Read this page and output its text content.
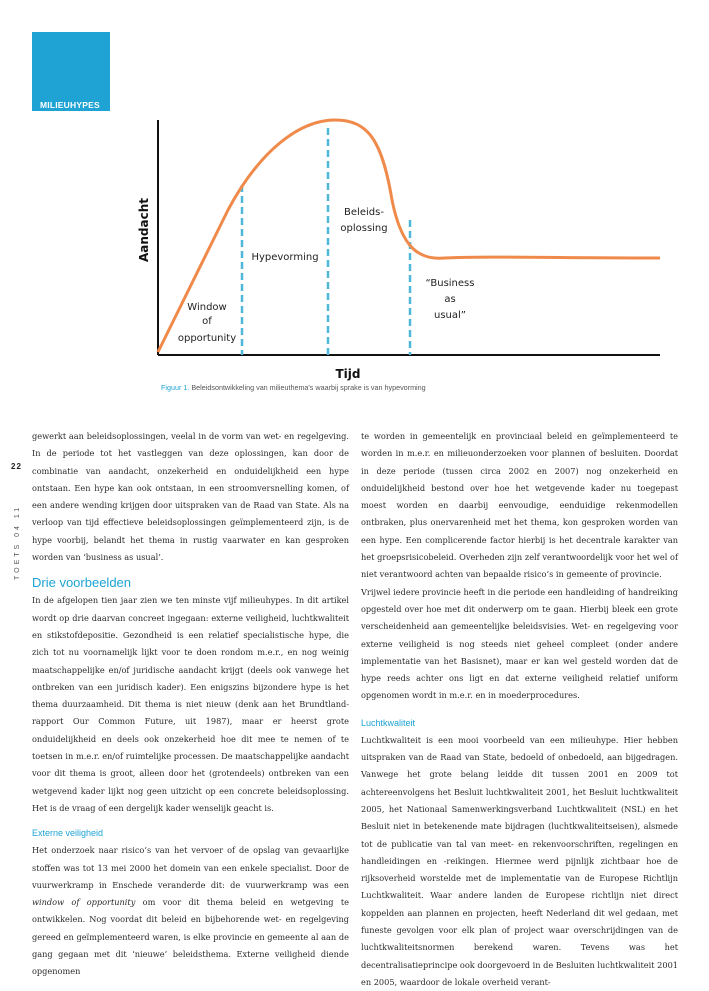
MILIEUHYPES
22
TOETS 04 11
Aandacht
Tijd
Window
of
opportunity
Hypevorming
Beleids-
oplossing
“Business
as
usual”
Figuur 1. Beleidsontwikkeling van milieuthema's waarbij sprake is van hypevorming

gewerkt aan beleidsoplossingen, veelal in de vorm van wet- en regelgeving. In de periode tot het vastleggen van deze oplossingen, kan door de combinatie van aandacht, onzekerheid en onduidelijkheid een hype ontstaan. Een hype kan ook ontstaan, in een stroomversnelling komen, of een andere wending krijgen door uitspraken van de Raad van State. Als na verloop van tijd effectieve beleidsoplossingen geïmplementeerd zijn, is de hype voorbij, belandt het thema in rustig vaarwater en kan gesproken worden van ‘business as usual’.

Drie voorbeelden

In de afgelopen tien jaar zien we ten minste vijf milieuhypes. In dit artikel wordt op drie daarvan concreet ingegaan: externe veiligheid, luchtkwaliteit en stikstofdepositie. Gezondheid is een relatief specialistische hype, die zich tot nu voornamelijk lijkt voor te doen rondom m.e.r., en nog weinig maatschappelijke en/of juridische aandacht krijgt (deels ook vanwege het ontbreken van een juridisch kader). Een enigszins bijzondere hype is het thema duurzaamheid. Dit thema is niet nieuw (denk aan het Brundtland-rapport Our Common Future, uit 1987), maar er heerst grote onduidelijkheid en deels ook onzekerheid hoe dit mee te nemen of te toetsen in m.e.r. en/of ruimtelijke processen. De maatschappelijke aandacht voor dit thema is groot, alleen door het (grotendeels) ontbreken van een wetgevend kader lijkt nog geen uitzicht op een concrete beleidsoplossing. Het is de vraag of een dergelijk kader wenselijk geacht is.

Externe veiligheid

Het onderzoek naar risico’s van het vervoer of de opslag van gevaarlijke stoffen was tot 13 mei 2000 het domein van een enkele specialist. Door de vuurwerkramp in Enschede veranderde dit: de vuurwerkramp was een window of opportunity om voor dit thema beleid en wetgeving te ontwikkelen. Nog voordat dit beleid en bijbehorende wet- en regelgeving gereed en geïmplementeerd waren, is elke provincie en gemeente al aan de gang gegaan met dit ‘nieuwe’ beleidsthema. Externe veiligheid diende opgenomen

te worden in gemeentelijk en provinciaal beleid en geïmplementeerd te worden in m.e.r. en milieuonderzoeken voor plannen of besluiten. Doordat in deze periode (tussen circa 2002 en 2007) nog onzekerheid en onduidelijkheid bestond over hoe het wetgevende kader nu toegepast moest worden en daarbij eenvoudige, eenduidige rekenmodellen ontbraken, plus onervarenheid met het thema, kon gesproken worden van een hype. Een complicerende factor hierbij is het decentrale karakter van het groepsrisicobeleid. Overheden zijn zelf verantwoordelijk voor het wel of niet verantwoord achten van bepaalde risico’s in gemeente of provincie.

Vrijwel iedere provincie heeft in die periode een handleiding of handreiking opgesteld over hoe met dit onderwerp om te gaan. Hierbij bleek een grote verscheidenheid aan gemeentelijke beleidsvisies. Wet- en regelgeving voor externe veiligheid is nog steeds niet geheel compleet (onder andere implementatie van het Basisnet), maar er kan wel gesteld worden dat de hype reeds achter ons ligt en dat externe veiligheid relatief uniform opgenomen wordt in m.e.r. en in moederprocedures.

Luchtkwaliteit

Luchtkwaliteit is een mooi voorbeeld van een milieuhype. Hier hebben uitspraken van de Raad van State, bedoeld of onbedoeld, aan bijgedragen. Vanwege het grote belang leidde dit tussen 2001 en 2009 tot achtereenvolgens het Besluit luchtkwaliteit 2001, het Besluit luchtkwaliteit 2005, het Nationaal Samenwerkingsverband Luchtkwaliteit (NSL) en het Besluit niet in betekenende mate bijdragen (luchtkwaliteitseisen), alsmede tot de publicatie van tal van meet- en rekenvoorschriften, regelingen en handleidingen en -reikingen. Hiermee werd pijnlijk zichtbaar hoe de rijksoverheid worstelde met de implementatie van de Europese Richtlijn Luchtkwaliteit. Waar andere landen de Europese richtlijn niet direct koppelden aan plannen en projecten, heeft Nederland dit wel gedaan, met funeste gevolgen voor elk plan of project waar overschrijdingen van de luchtkwaliteitsnormen berekend waren. Tevens was het decentralisatieprincipe ook doorgevoerd in de Besluiten luchtkwaliteit 2001 en 2005, waardoor de lokale overheid verant-
